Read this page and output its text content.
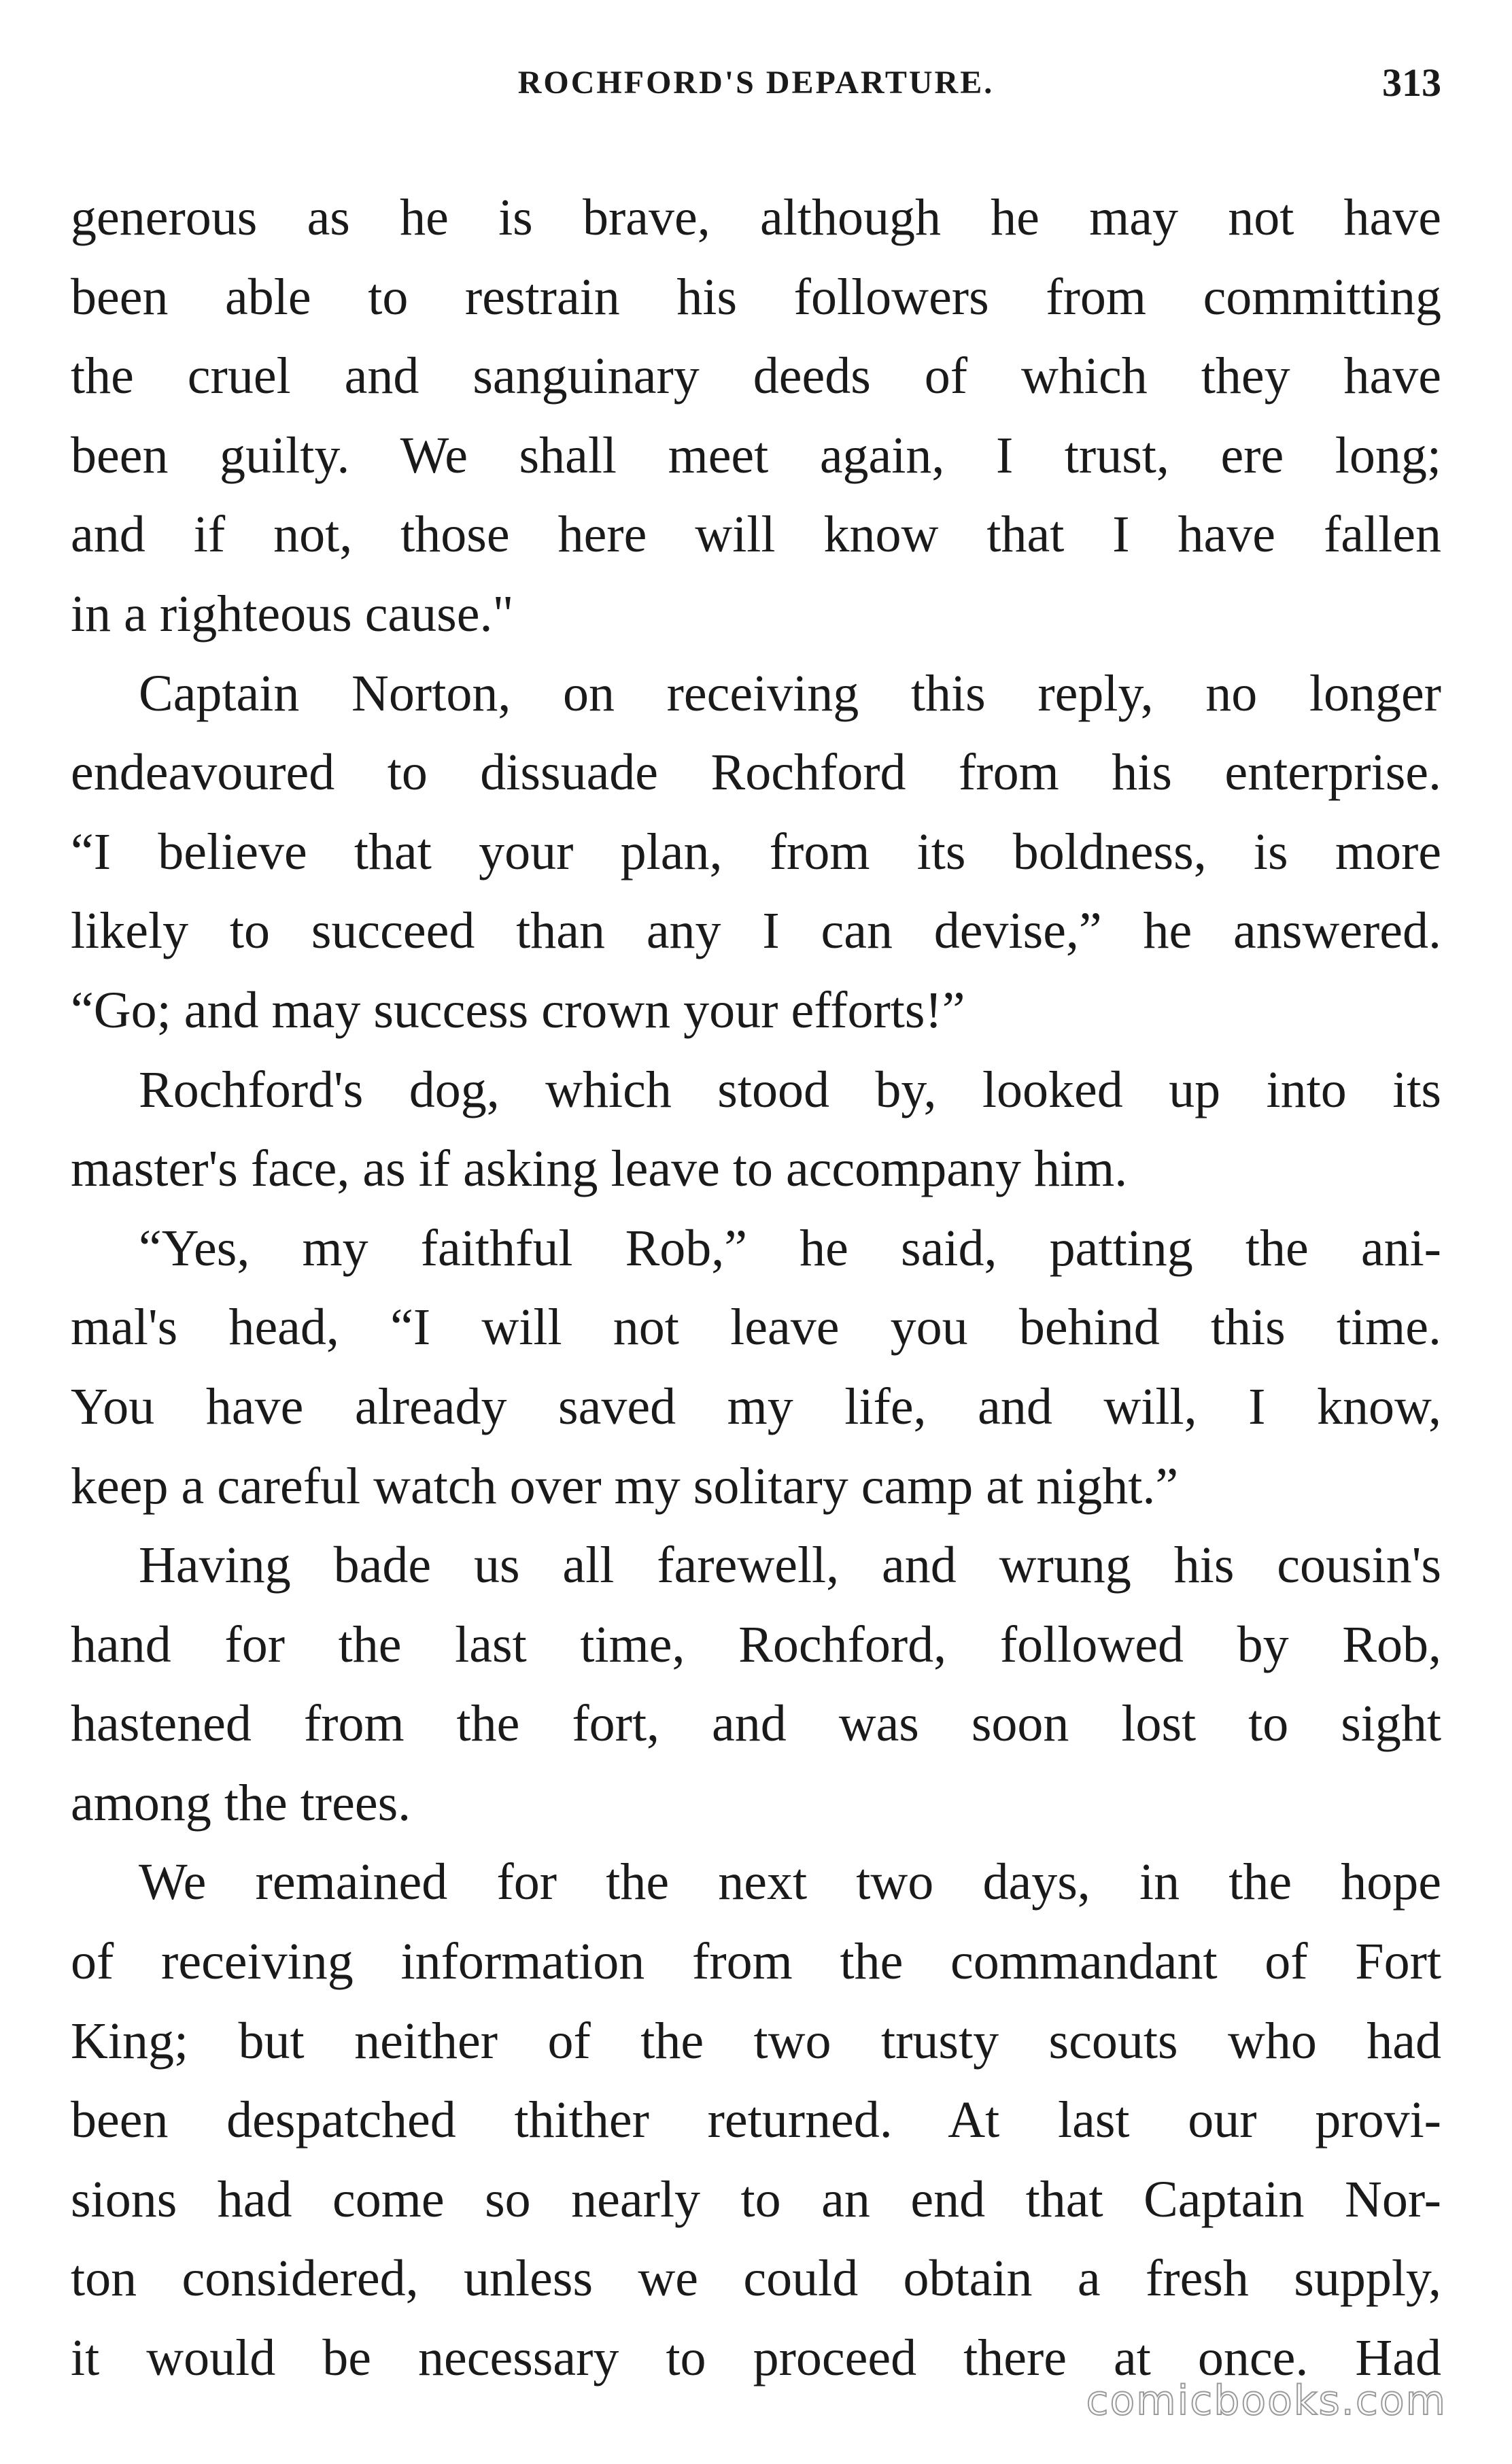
ROCHFORD'S DEPARTURE.	313

generous as he is brave, although he may not have
been able to restrain his followers from committing
the cruel and sanguinary deeds of which they have
been guilty. We shall meet again, I trust, ere long;
and if not, those here will know that I have fallen
in a righteous cause."

Captain Norton, on receiving this reply, no longer
endeavoured to dissuade Rochford from his enterprise.
“I believe that your plan, from its boldness, is more
likely to succeed than any I can devise,” he answered.
“Go; and may success crown your efforts!”

Rochford's dog, which stood by, looked up into its
master's face, as if asking leave to accompany him.

“Yes, my faithful Rob,” he said, patting the ani-
mal's head, “I will not leave you behind this time.
You have already saved my life, and will, I know,
keep a careful watch over my solitary camp at night.”

Having bade us all farewell, and wrung his cousin's
hand for the last time, Rochford, followed by Rob,
hastened from the fort, and was soon lost to sight
among the trees.

We remained for the next two days, in the hope
of receiving information from the commandant of Fort
King; but neither of the two trusty scouts who had
been despatched thither returned. At last our provi-
sions had come so nearly to an end that Captain Nor-
ton considered, unless we could obtain a fresh supply,
it would be necessary to proceed there at once. Had

comicbooks.com
